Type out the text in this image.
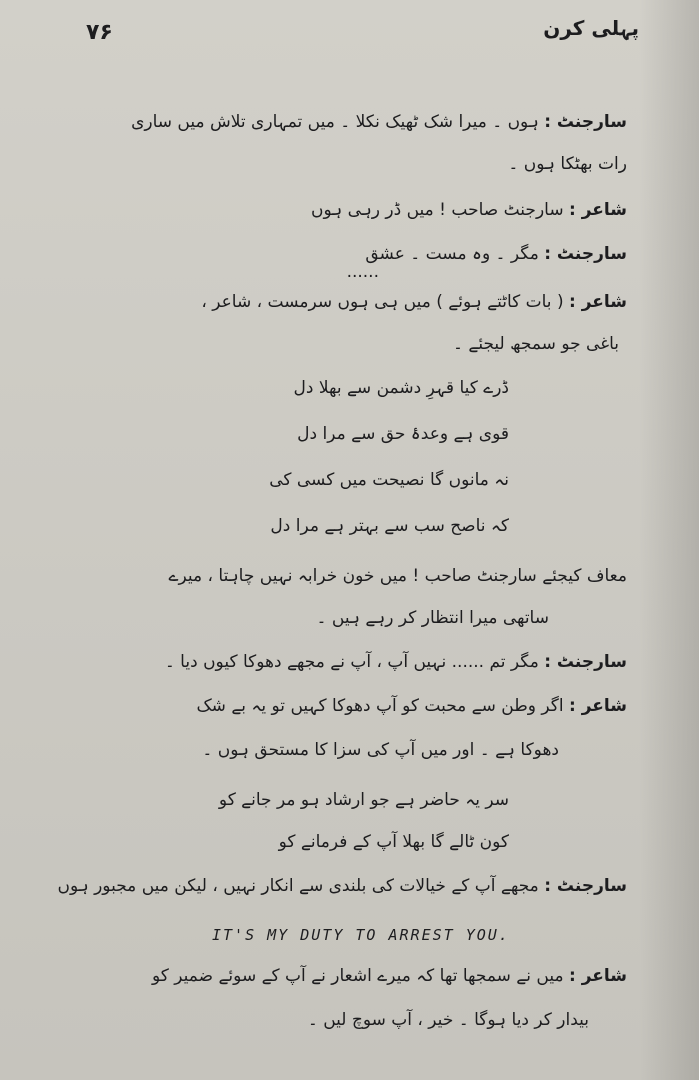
۷۶	پہلی کرن
سارجنٹ : ہوں ۔ میرا شک ٹھیک نکلا ۔ میں تمہاری تلاش میں ساری
رات بھٹکا ہوں ۔
شاعر : سارجنٹ صاحب ! میں ڈر رہی ہوں
سارجنٹ : مگر ۔ وہ مست ۔ عشق
......
شاعر : ( بات کاٹتے ہوئے ) میں ہی ہوں سرمست ، شاعر ،
باغی جو سمجھ لیجئے ۔
ڈرے کیا قہرِ دشمن سے بھلا دل
قوی ہے وعدۂ حق سے مرا دل
نہ مانوں گا نصیحت میں کسی کی
کہ ناصح سب سے بہتر ہے مرا دل
معاف کیجئے سارجنٹ صاحب ! میں خون خرابہ نہیں چاہتا ، میرے
ساتھی میرا انتظار کر رہے ہیں ۔
سارجنٹ : مگر تم ...... نہیں آپ ، آپ نے مجھے دھوکا کیوں دیا ۔
شاعر : اگر وطن سے محبت کو آپ دھوکا کہیں تو یہ بے شک
دھوکا ہے ۔ اور میں آپ کی سزا کا مستحق ہوں ۔
سر یہ حاضر ہے جو ارشاد ہو مر جانے کو
کون ٹالے گا بھلا آپ کے فرمانے کو
سارجنٹ : مجھے آپ کے خیالات کی بلندی سے انکار نہیں ، لیکن میں مجبور ہوں
IT'S MY DUTY TO ARREST YOU.
شاعر : میں نے سمجھا تھا کہ میرے اشعار نے آپ کے سوئے ضمیر کو
بیدار کر دیا ہوگا ۔ خیر ، آپ سوچ لیں ۔
